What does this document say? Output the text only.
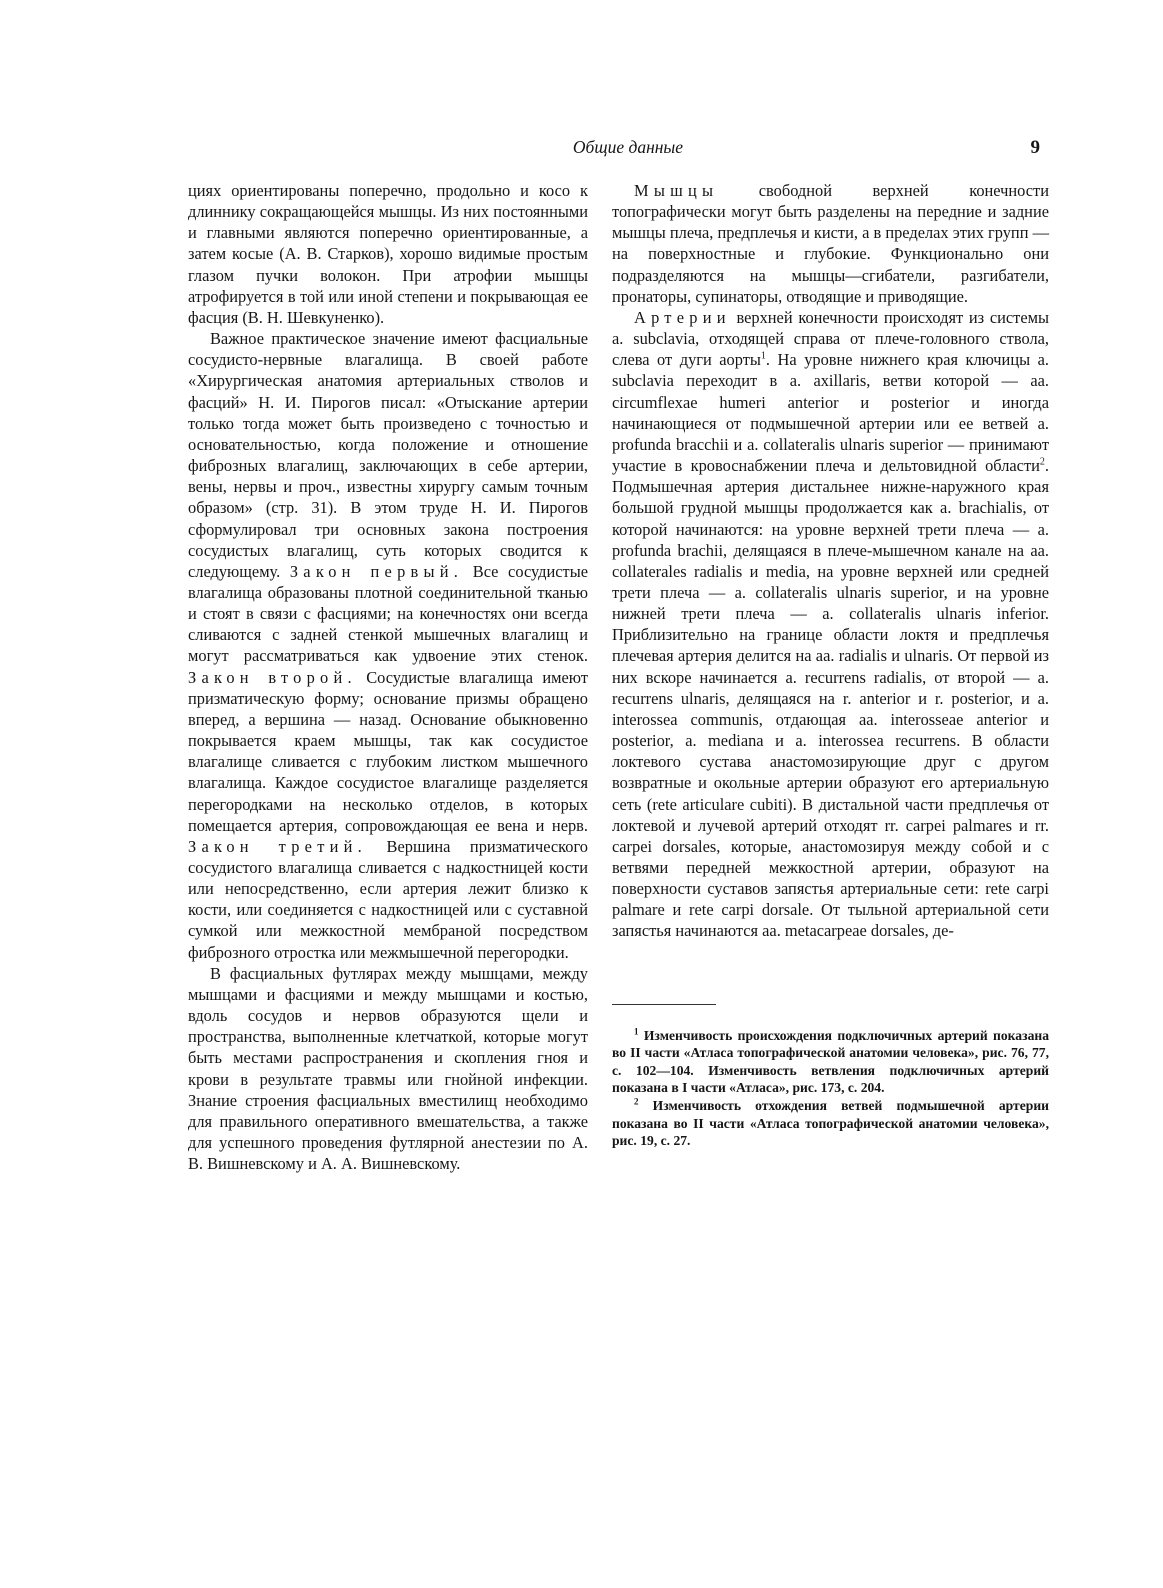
Общие данные	9

циях ориентированы поперечно, продольно и косо к длиннику сокращающейся мышцы. Из них постоянными и главными являются поперечно ориентированные, а затем косые (А. В. Старков), хорошо видимые простым глазом пучки волокон. При атрофии мышцы атрофируется в той или иной степени и покрывающая ее фасция (В. Н. Шевкуненко).

Важное практическое значение имеют фасциальные сосудисто-нервные влагалища. В своей работе «Хирургическая анатомия артериальных стволов и фасций» Н. И. Пирогов писал: «Отыскание артерии только тогда может быть произведено с точностью и основательностью, когда положение и отношение фиброзных влагалищ, заключающих в себе артерии, вены, нервы и проч., известны хирургу самым точным образом» (стр. 31). В этом труде Н. И. Пирогов сформулировал три основных закона построения сосудистых влагалищ, суть которых сводится к следующему. Закон первый. Все сосудистые влагалища образованы плотной соединительной тканью и стоят в связи с фасциями; на конечностях они всегда сливаются с задней стенкой мышечных влагалищ и могут рассматриваться как удвоение этих стенок. Закон второй. Сосудистые влагалища имеют призматическую форму; основание призмы обращено вперед, а вершина — назад. Основание обыкновенно покрывается краем мышцы, так как сосудистое влагалище сливается с глубоким листком мышечного влагалища. Каждое сосудистое влагалище разделяется перегородками на несколько отделов, в которых помещается артерия, сопровождающая ее вена и нерв. Закон третий. Вершина призматического сосудистого влагалища сливается с надкостницей кости или непосредственно, если артерия лежит близко к кости, или соединяется с надкостницей или с суставной сумкой или межкостной мембраной посредством фиброзного отростка или межмышечной перегородки.

В фасциальных футлярах между мышцами, между мышцами и фасциями и между мышцами и костью, вдоль сосудов и нервов образуются щели и пространства, выполненные клетчаткой, которые могут быть местами распространения и скопления гноя и крови в результате травмы или гнойной инфекции. Знание строения фасциальных вместилищ необходимо для правильного оперативного вмешательства, а также для успешного проведения футлярной анестезии по А. В. Вишневскому и А. А. Вишневскому.

Мышцы свободной верхней конечности топографически могут быть разделены на передние и задние мышцы плеча, предплечья и кисти, а в пределах этих групп — на поверхностные и глубокие. Функционально они подразделяются на мышцы—сгибатели, разгибатели, пронаторы, супинаторы, отводящие и приводящие.

Артерии верхней конечности происходят из системы a. subclavia, отходящей справа от плече-головного ствола, слева от дуги аорты$^1$. На уровне нижнего края ключицы a. subclavia переходит в a. axillaris, ветви которой — aa. circumflexae humeri anterior и posterior и иногда начинающиеся от подмышечной артерии или ее ветвей a. profunda bracchii и a. collateralis ulnaris superior — принимают участие в кровоснабжении плеча и дельтовидной области$^2$. Подмышечная артерия дистальнее нижне-наружного края большой грудной мышцы продолжается как a. brachialis, от которой начинаются: на уровне верхней трети плеча — a. profunda brachii, делящаяся в плече-мышечном канале на aa. collaterales radialis и media, на уровне верхней или средней трети плеча — a. collateralis ulnaris superior, и на уровне нижней трети плеча — a. collateralis ulnaris inferior. Приблизительно на границе области локтя и предплечья плечевая артерия делится на aa. radialis и ulnaris. От первой из них вскоре начинается a. recurrens radialis, от второй — a. recurrens ulnaris, делящаяся на r. anterior и r. posterior, и a. interossea communis, отдающая aa. interosseae anterior и posterior, a. mediana и a. interossea recurrens. В области локтевого сустава анастомозирующие друг с другом возвратные и окольные артерии образуют его артериальную сеть (rete articulare cubiti). В дистальной части предплечья от локтевой и лучевой артерий отходят rr. carpei palmares и rr. carpei dorsales, которые, анастомозируя между собой и с ветвями передней межкостной артерии, образуют на поверхности суставов запястья артериальные сети: rete carpi palmare и rete carpi dorsale. От тыльной артериальной сети запястья начинаются aa. metacarpeae dorsales, де-

$^1$ Изменчивость происхождения подключичных артерий показана во II части «Атласа топографической анатомии человека», рис. 76, 77, с. 102—104. Изменчивость ветвления подключичных артерий показана в I части «Атласа», рис. 173, с. 204.

$^2$ Изменчивость отхождения ветвей подмышечной артерии показана во II части «Атласа топографической анатомии человека», рис. 19, с. 27.
